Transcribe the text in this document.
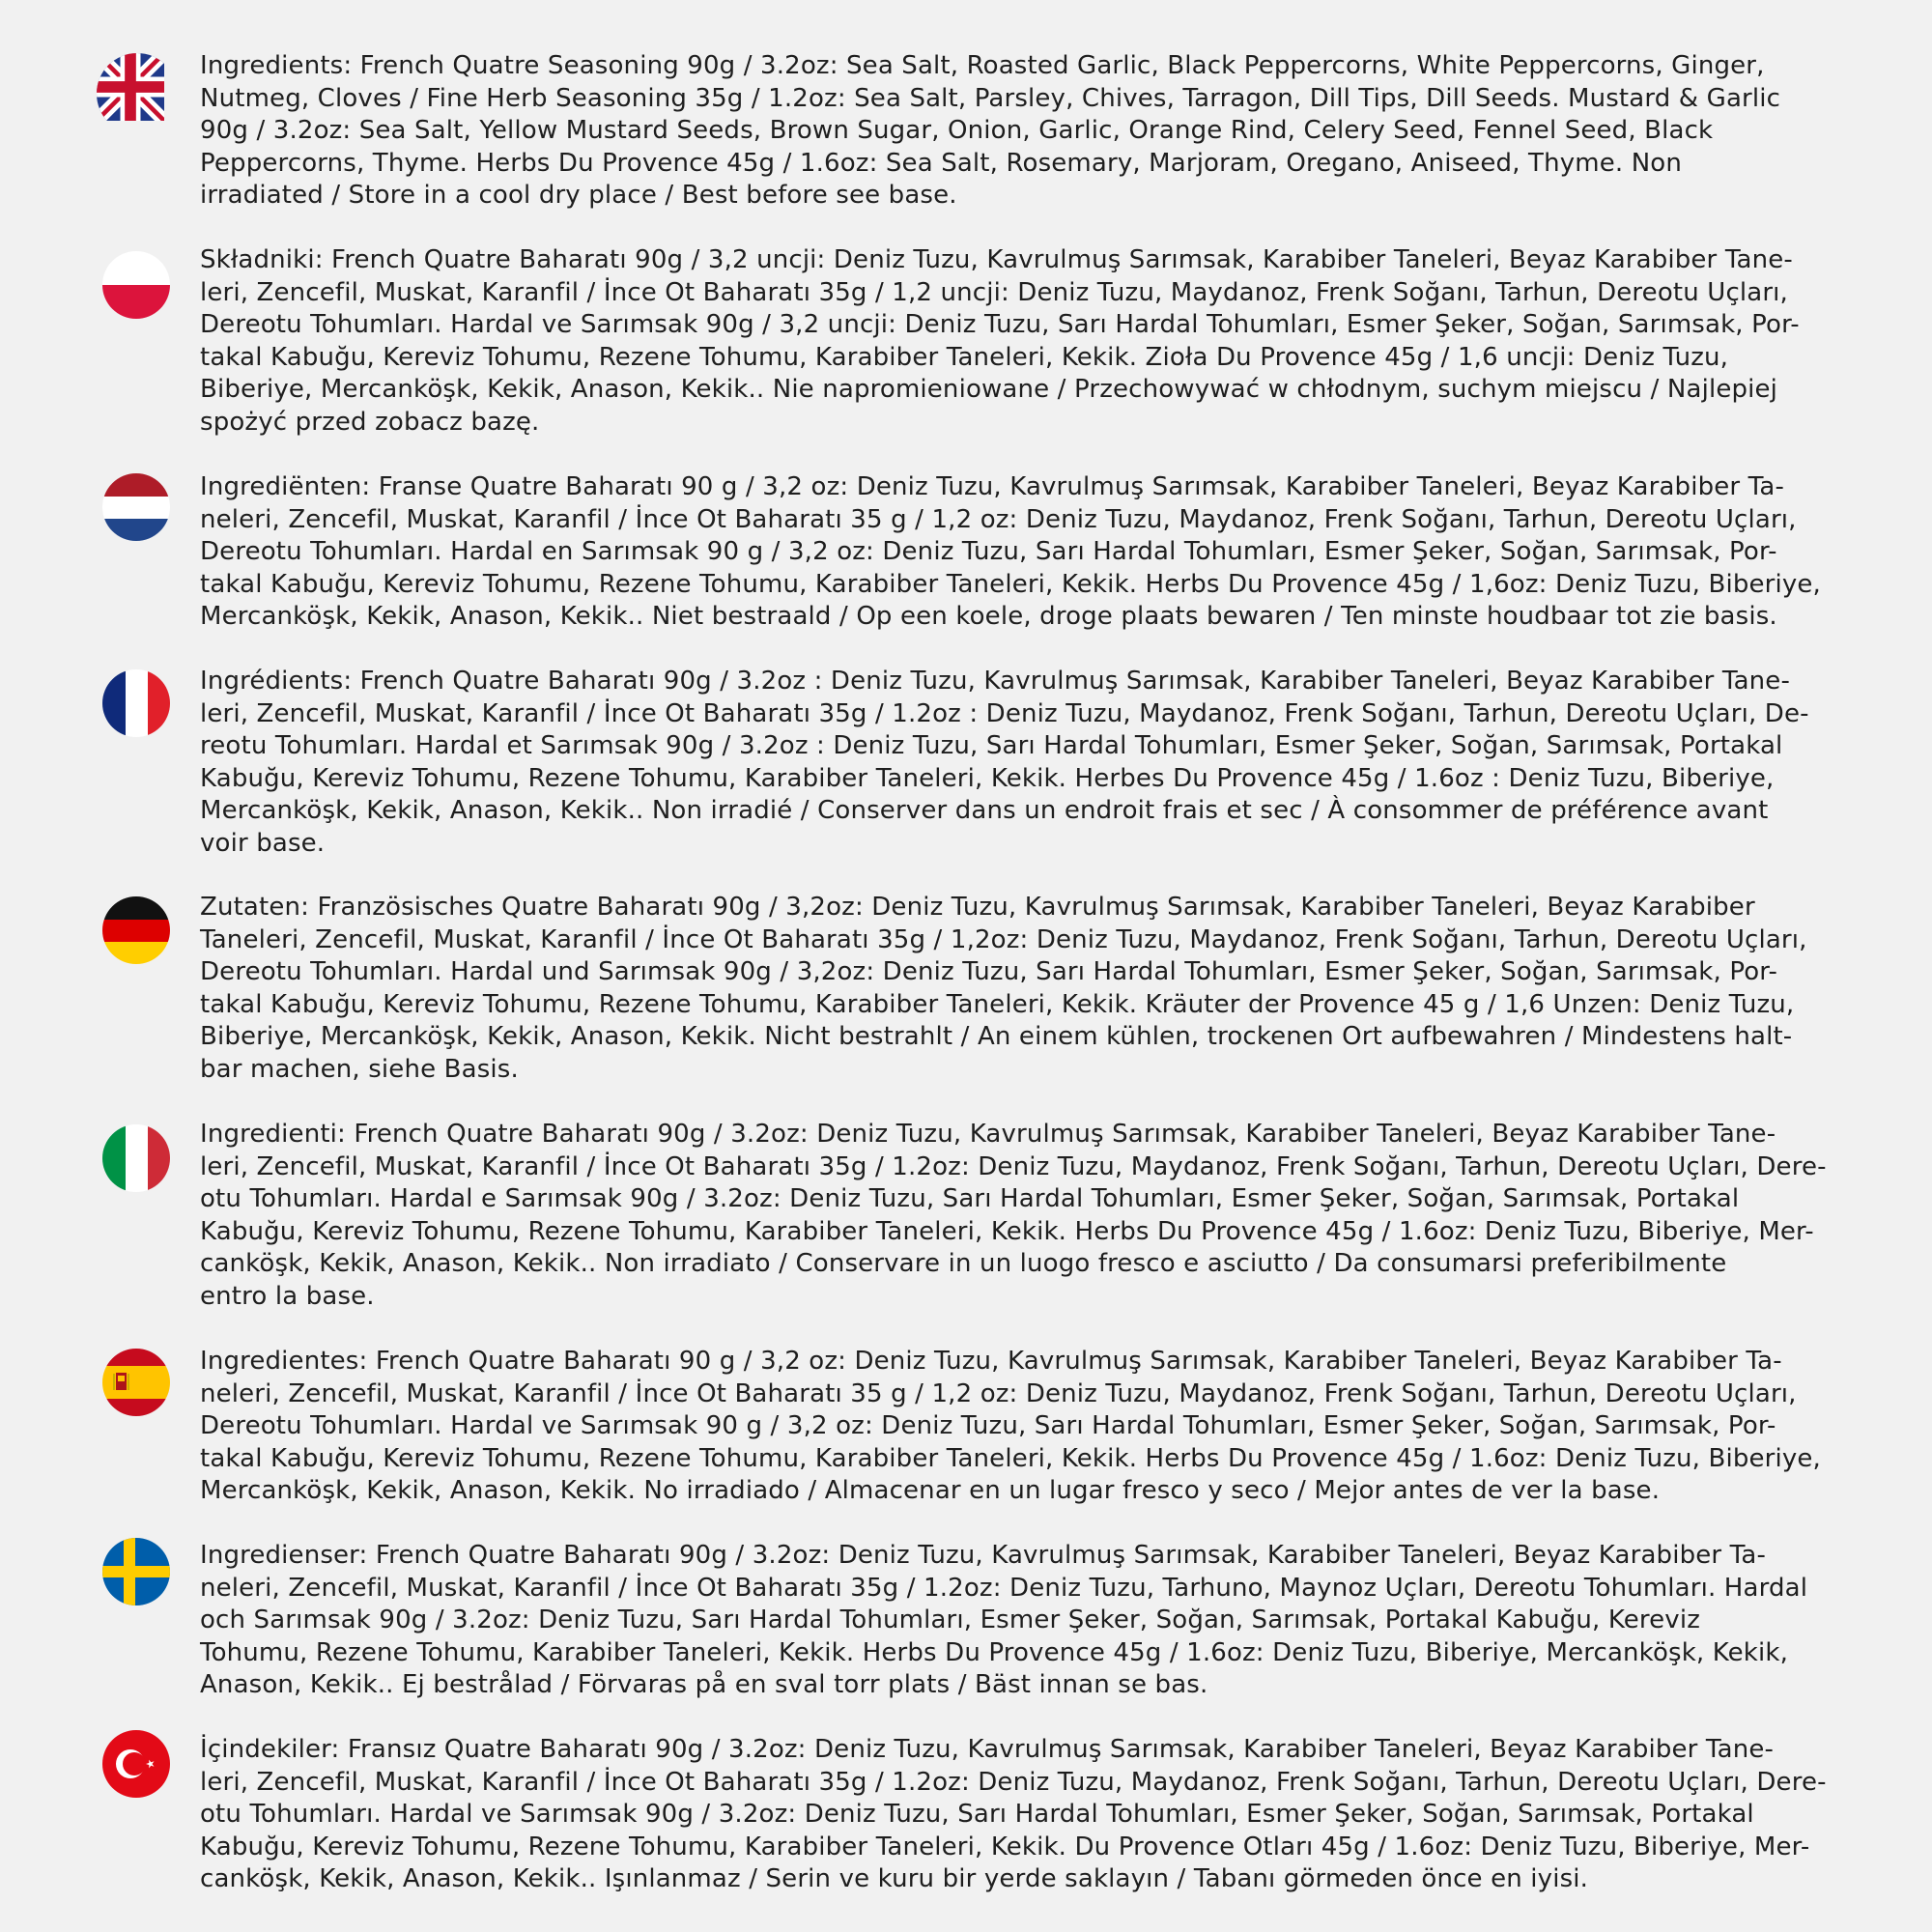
Ingredients: French Quatre Seasoning 90g / 3.2oz: Sea Salt, Roasted Garlic, Black Peppercorns, White Peppercorns, Ginger,
Nutmeg, Cloves / Fine Herb Seasoning 35g / 1.2oz: Sea Salt, Parsley, Chives, Tarragon, Dill Tips, Dill Seeds. Mustard & Garlic
90g / 3.2oz: Sea Salt, Yellow Mustard Seeds, Brown Sugar, Onion, Garlic, Orange Rind, Celery Seed, Fennel Seed, Black
Peppercorns, Thyme. Herbs Du Provence 45g / 1.6oz: Sea Salt, Rosemary, Marjoram, Oregano, Aniseed, Thyme. Non
irradiated / Store in a cool dry place / Best before see base.

Składniki: French Quatre Baharatı 90g / 3,2 uncji: Deniz Tuzu, Kavrulmuş Sarımsak, Karabiber Taneleri, Beyaz Karabiber Tane-
leri, Zencefil, Muskat, Karanfil / İnce Ot Baharatı 35g / 1,2 uncji: Deniz Tuzu, Maydanoz, Frenk Soğanı, Tarhun, Dereotu Uçları,
Dereotu Tohumları. Hardal ve Sarımsak 90g / 3,2 uncji: Deniz Tuzu, Sarı Hardal Tohumları, Esmer Şeker, Soğan, Sarımsak, Por-
takal Kabuğu, Kereviz Tohumu, Rezene Tohumu, Karabiber Taneleri, Kekik. Zioła Du Provence 45g / 1,6 uncji: Deniz Tuzu,
Biberiye, Mercanköşk, Kekik, Anason, Kekik.. Nie napromieniowane / Przechowywać w chłodnym, suchym miejscu / Najlepiej
spożyć przed zobacz bazę.

Ingrediënten: Franse Quatre Baharatı 90 g / 3,2 oz: Deniz Tuzu, Kavrulmuş Sarımsak, Karabiber Taneleri, Beyaz Karabiber Ta-
neleri, Zencefil, Muskat, Karanfil / İnce Ot Baharatı 35 g / 1,2 oz: Deniz Tuzu, Maydanoz, Frenk Soğanı, Tarhun, Dereotu Uçları,
Dereotu Tohumları. Hardal en Sarımsak 90 g / 3,2 oz: Deniz Tuzu, Sarı Hardal Tohumları, Esmer Şeker, Soğan, Sarımsak, Por-
takal Kabuğu, Kereviz Tohumu, Rezene Tohumu, Karabiber Taneleri, Kekik. Herbs Du Provence 45g / 1,6oz: Deniz Tuzu, Biberiye,
Mercanköşk, Kekik, Anason, Kekik.. Niet bestraald / Op een koele, droge plaats bewaren / Ten minste houdbaar tot zie basis.

Ingrédients: French Quatre Baharatı 90g / 3.2oz : Deniz Tuzu, Kavrulmuş Sarımsak, Karabiber Taneleri, Beyaz Karabiber Tane-
leri, Zencefil, Muskat, Karanfil / İnce Ot Baharatı 35g / 1.2oz : Deniz Tuzu, Maydanoz, Frenk Soğanı, Tarhun, Dereotu Uçları, De-
reotu Tohumları. Hardal et Sarımsak 90g / 3.2oz : Deniz Tuzu, Sarı Hardal Tohumları, Esmer Şeker, Soğan, Sarımsak, Portakal
Kabuğu, Kereviz Tohumu, Rezene Tohumu, Karabiber Taneleri, Kekik. Herbes Du Provence 45g / 1.6oz : Deniz Tuzu, Biberiye,
Mercanköşk, Kekik, Anason, Kekik.. Non irradié / Conserver dans un endroit frais et sec / À consommer de préférence avant
voir base.

Zutaten: Französisches Quatre Baharatı 90g / 3,2oz: Deniz Tuzu, Kavrulmuş Sarımsak, Karabiber Taneleri, Beyaz Karabiber
Taneleri, Zencefil, Muskat, Karanfil / İnce Ot Baharatı 35g / 1,2oz: Deniz Tuzu, Maydanoz, Frenk Soğanı, Tarhun, Dereotu Uçları,
Dereotu Tohumları. Hardal und Sarımsak 90g / 3,2oz: Deniz Tuzu, Sarı Hardal Tohumları, Esmer Şeker, Soğan, Sarımsak, Por-
takal Kabuğu, Kereviz Tohumu, Rezene Tohumu, Karabiber Taneleri, Kekik. Kräuter der Provence 45 g / 1,6 Unzen: Deniz Tuzu,
Biberiye, Mercanköşk, Kekik, Anason, Kekik. Nicht bestrahlt / An einem kühlen, trockenen Ort aufbewahren / Mindestens halt-
bar machen, siehe Basis.

Ingredienti: French Quatre Baharatı 90g / 3.2oz: Deniz Tuzu, Kavrulmuş Sarımsak, Karabiber Taneleri, Beyaz Karabiber Tane-
leri, Zencefil, Muskat, Karanfil / İnce Ot Baharatı 35g / 1.2oz: Deniz Tuzu, Maydanoz, Frenk Soğanı, Tarhun, Dereotu Uçları, Dere-
otu Tohumları. Hardal e Sarımsak 90g / 3.2oz: Deniz Tuzu, Sarı Hardal Tohumları, Esmer Şeker, Soğan, Sarımsak, Portakal
Kabuğu, Kereviz Tohumu, Rezene Tohumu, Karabiber Taneleri, Kekik. Herbs Du Provence 45g / 1.6oz: Deniz Tuzu, Biberiye, Mer-
canköşk, Kekik, Anason, Kekik.. Non irradiato / Conservare in un luogo fresco e asciutto / Da consumarsi preferibilmente
entro la base.

Ingredientes: French Quatre Baharatı 90 g / 3,2 oz: Deniz Tuzu, Kavrulmuş Sarımsak, Karabiber Taneleri, Beyaz Karabiber Ta-
neleri, Zencefil, Muskat, Karanfil / İnce Ot Baharatı 35 g / 1,2 oz: Deniz Tuzu, Maydanoz, Frenk Soğanı, Tarhun, Dereotu Uçları,
Dereotu Tohumları. Hardal ve Sarımsak 90 g / 3,2 oz: Deniz Tuzu, Sarı Hardal Tohumları, Esmer Şeker, Soğan, Sarımsak, Por-
takal Kabuğu, Kereviz Tohumu, Rezene Tohumu, Karabiber Taneleri, Kekik. Herbs Du Provence 45g / 1.6oz: Deniz Tuzu, Biberiye,
Mercanköşk, Kekik, Anason, Kekik. No irradiado / Almacenar en un lugar fresco y seco / Mejor antes de ver la base.

Ingredienser: French Quatre Baharatı 90g / 3.2oz: Deniz Tuzu, Kavrulmuş Sarımsak, Karabiber Taneleri, Beyaz Karabiber Ta-
neleri, Zencefil, Muskat, Karanfil / İnce Ot Baharatı 35g / 1.2oz: Deniz Tuzu, Tarhuno, Maynoz Uçları, Dereotu Tohumları. Hardal
och Sarımsak 90g / 3.2oz: Deniz Tuzu, Sarı Hardal Tohumları, Esmer Şeker, Soğan, Sarımsak, Portakal Kabuğu, Kereviz
Tohumu, Rezene Tohumu, Karabiber Taneleri, Kekik. Herbs Du Provence 45g / 1.6oz: Deniz Tuzu, Biberiye, Mercanköşk, Kekik,
Anason, Kekik.. Ej bestrålad / Förvaras på en sval torr plats / Bäst innan se bas.

İçindekiler: Fransız Quatre Baharatı 90g / 3.2oz: Deniz Tuzu, Kavrulmuş Sarımsak, Karabiber Taneleri, Beyaz Karabiber Tane-
leri, Zencefil, Muskat, Karanfil / İnce Ot Baharatı 35g / 1.2oz: Deniz Tuzu, Maydanoz, Frenk Soğanı, Tarhun, Dereotu Uçları, Dere-
otu Tohumları. Hardal ve Sarımsak 90g / 3.2oz: Deniz Tuzu, Sarı Hardal Tohumları, Esmer Şeker, Soğan, Sarımsak, Portakal
Kabuğu, Kereviz Tohumu, Rezene Tohumu, Karabiber Taneleri, Kekik. Du Provence Otları 45g / 1.6oz: Deniz Tuzu, Biberiye, Mer-
canköşk, Kekik, Anason, Kekik.. Işınlanmaz / Serin ve kuru bir yerde saklayın / Tabanı görmeden önce en iyisi.
